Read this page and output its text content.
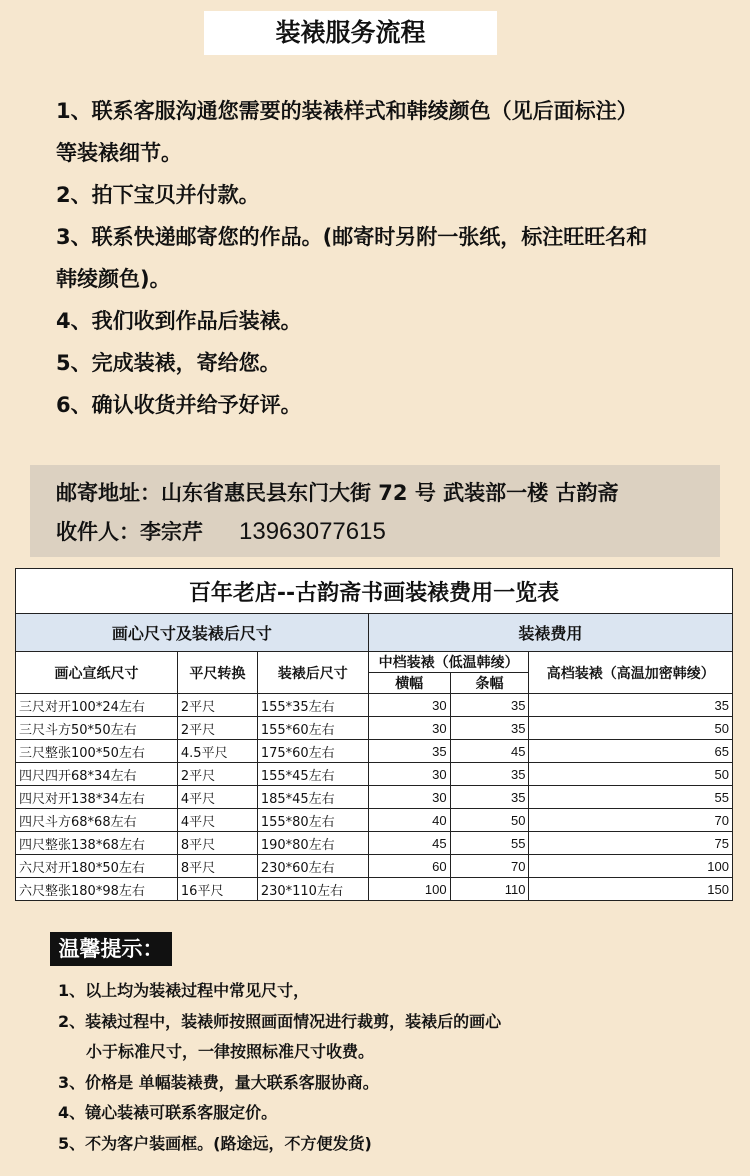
装裱服务流程
1、联系客服沟通您需要的装裱样式和韩绫颜色（见后面标注）
等装裱细节。
2、拍下宝贝并付款。
3、联系快递邮寄您的作品。(邮寄时另附一张纸，标注旺旺名和
韩绫颜色)。
4、我们收到作品后装裱。
5、完成装裱，寄给您。
6、确认收货并给予好评。
邮寄地址：山东省惠民县东门大街 72 号 武装部一楼 古韵斋
收件人：李宗芹 13963077615
百年老店--古韵斋书画装裱费用一览表					
画心尺寸及装裱后尺寸			装裱费用		
画心宣纸尺寸	平尺转换	装裱后尺寸	中档装裱（低温韩绫）		高档装裱（高温加密韩绫）
			横幅	条幅	
三尺对开100*24左右	2平尺	155*35左右	30	35	35
三尺斗方50*50左右	2平尺	155*60左右	30	35	50
三尺整张100*50左右	4.5平尺	175*60左右	35	45	65
四尺四开68*34左右	2平尺	155*45左右	30	35	50
四尺对开138*34左右	4平尺	185*45左右	30	35	55
四尺斗方68*68左右	4平尺	155*80左右	40	50	70
四尺整张138*68左右	8平尺	190*80左右	45	55	75
六尺对开180*50左右	8平尺	230*60左右	60	70	100
六尺整张180*98左右	16平尺	230*110左右	100	110	150
温馨提示：
1、以上均为装裱过程中常见尺寸，
2、装裱过程中，装裱师按照画面情况进行裁剪，装裱后的画心
小于标准尺寸，一律按照标准尺寸收费。
3、价格是 单幅装裱费，量大联系客服协商。
4、镜心装裱可联系客服定价。
5、不为客户装画框。(路途远，不方便发货)
